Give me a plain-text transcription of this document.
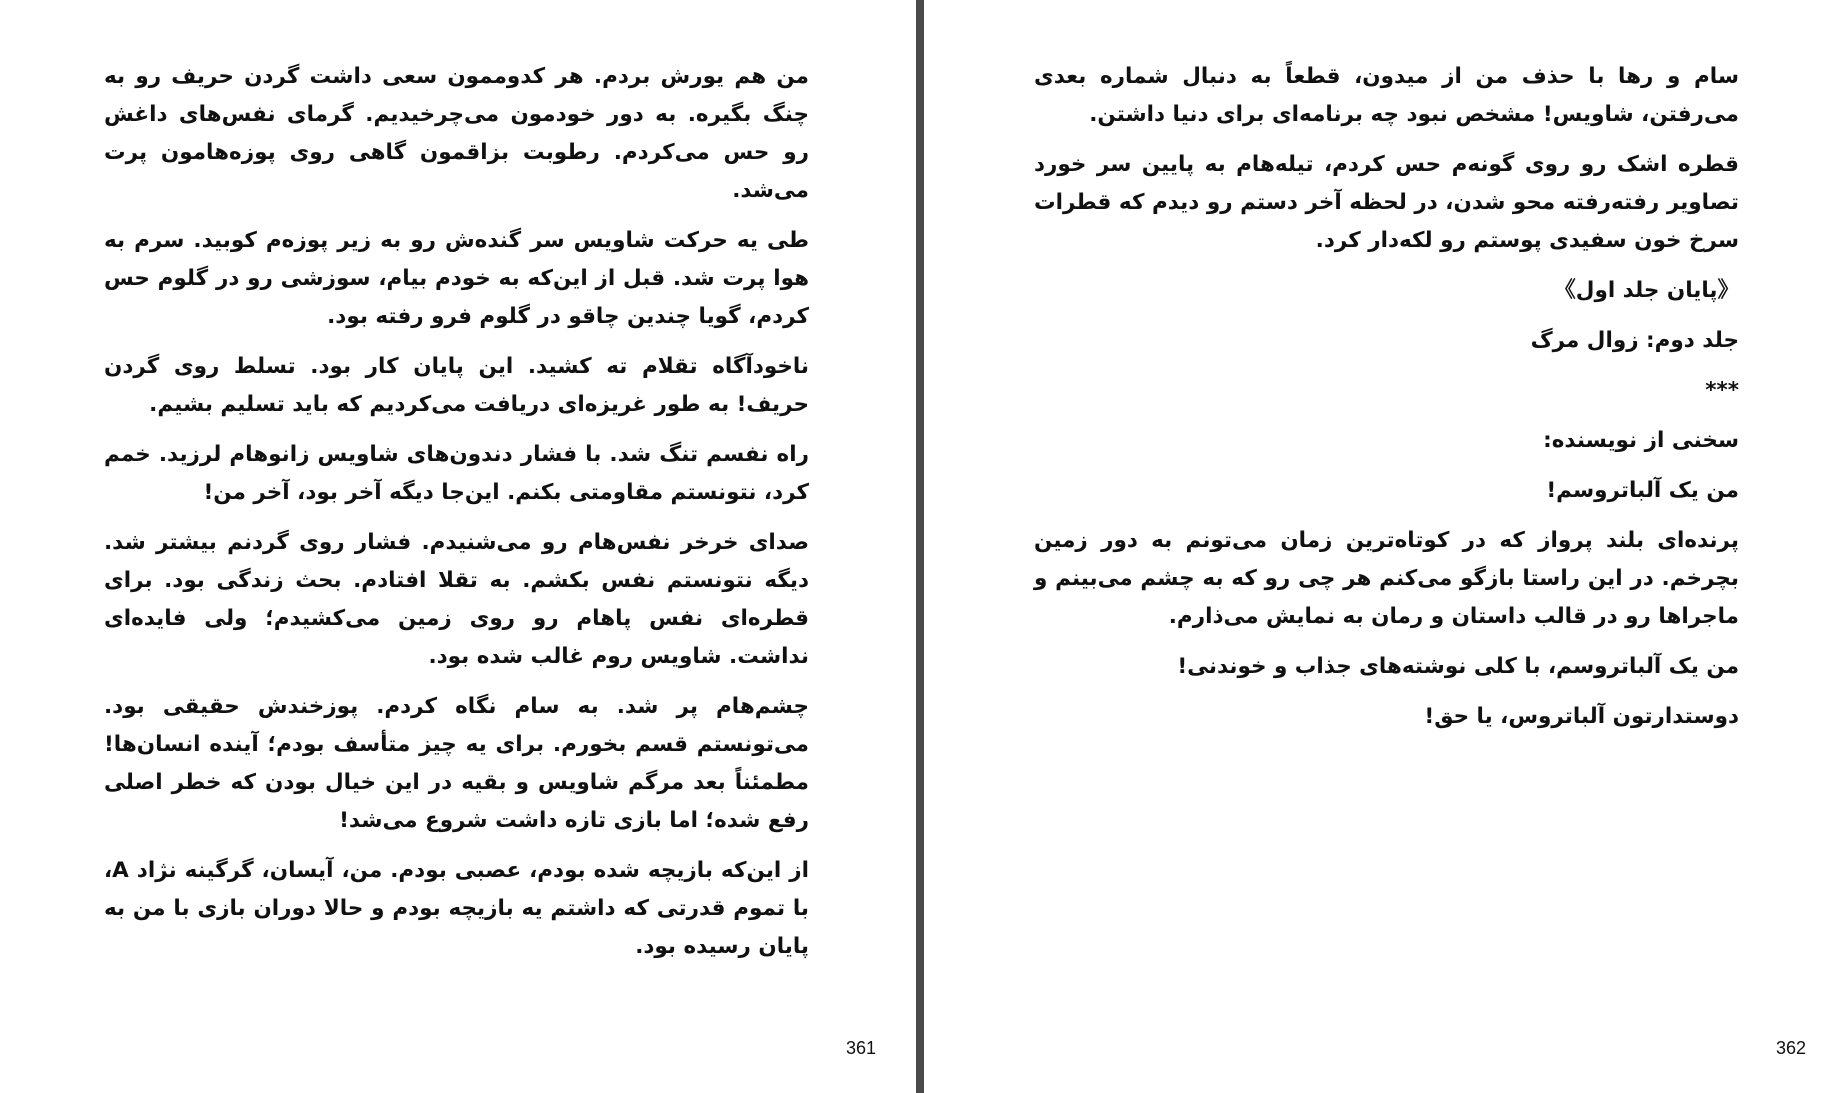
من هم یورش بردم. هر کدوممون سعی داشت گردن حریف رو به چنگ بگیره. به دور خودمون می‌چرخیدیم. گرمای نفس‌های داغش رو حس می‌کردم. رطوبت بزاقمون گاهی روی پوزه‌هامون پرت می‌شد.

طی یه حرکت شاویس سر گنده‌ش رو به زیر پوزه‌م کوبید. سرم به هوا پرت شد. قبل از این‌که به خودم بیام، سوزشی رو در گلوم حس کردم، گویا چندین چاقو در گلوم فرو رفته بود.

ناخودآگاه تقلام ته کشید. این پایان کار بود. تسلط روی گردن حریف! به طور غریزه‌ای دریافت می‌کردیم که باید تسلیم بشیم.

راه نفسم تنگ شد. با فشار دندون‌های شاویس زانوهام لرزید. خمم کرد، نتونستم مقاومتی بکنم. این‌جا دیگه آخر بود، آخر من!

صدای خرخر نفس‌هام رو می‌شنیدم. فشار روی گردنم بیشتر شد. دیگه نتونستم نفس بکشم. به تقلا افتادم. بحث زندگی بود. برای قطره‌ای نفس پاهام رو روی زمین می‌کشیدم؛ ولی فایده‌ای نداشت. شاویس روم غالب شده بود.

چشم‌هام پر شد. به سام نگاه کردم. پوزخندش حقیقی بود. می‌تونستم قسم بخورم. برای یه چیز متأسف بودم؛ آینده انسان‌ها! مطمئناً بعد مرگم شاویس و بقیه در این خیال بودن که خطر اصلی رفع شده؛ اما بازی تازه داشت شروع می‌شد!

از این‌که بازیچه شده بودم، عصبی بودم. من، آیسان، گرگینه نژاد A، با تموم قدرتی که داشتم یه بازیچه بودم و حالا دوران بازی با من به پایان رسیده بود.

361

سام و رها با حذف من از میدون، قطعاً به دنبال شماره بعدی می‌رفتن، شاویس! مشخص نبود چه برنامه‌ای برای دنیا داشتن.

قطره اشک رو روی گونه‌م حس کردم، تیله‌هام به پایین سر خورد تصاویر رفته‌رفته محو شدن، در لحظه آخر دستم رو دیدم که قطرات سرخ خون سفیدی پوستم رو لکه‌دار کرد.

《پایان جلد اول》

جلد دوم: زوال مرگ

***

سخنی از نویسنده:

من یک آلباتروسم!

پرنده‌ای بلند پرواز که در کوتاه‌ترین زمان می‌تونم به دور زمین بچرخم. در این راستا بازگو می‌کنم هر چی رو که به چشم می‌بینم و ماجراها رو در قالب داستان و رمان به نمایش می‌ذارم.

من یک آلباتروسم، با کلی نوشته‌های جذاب و خوندنی!

دوستدارتون آلباتروس، یا حق!

362
